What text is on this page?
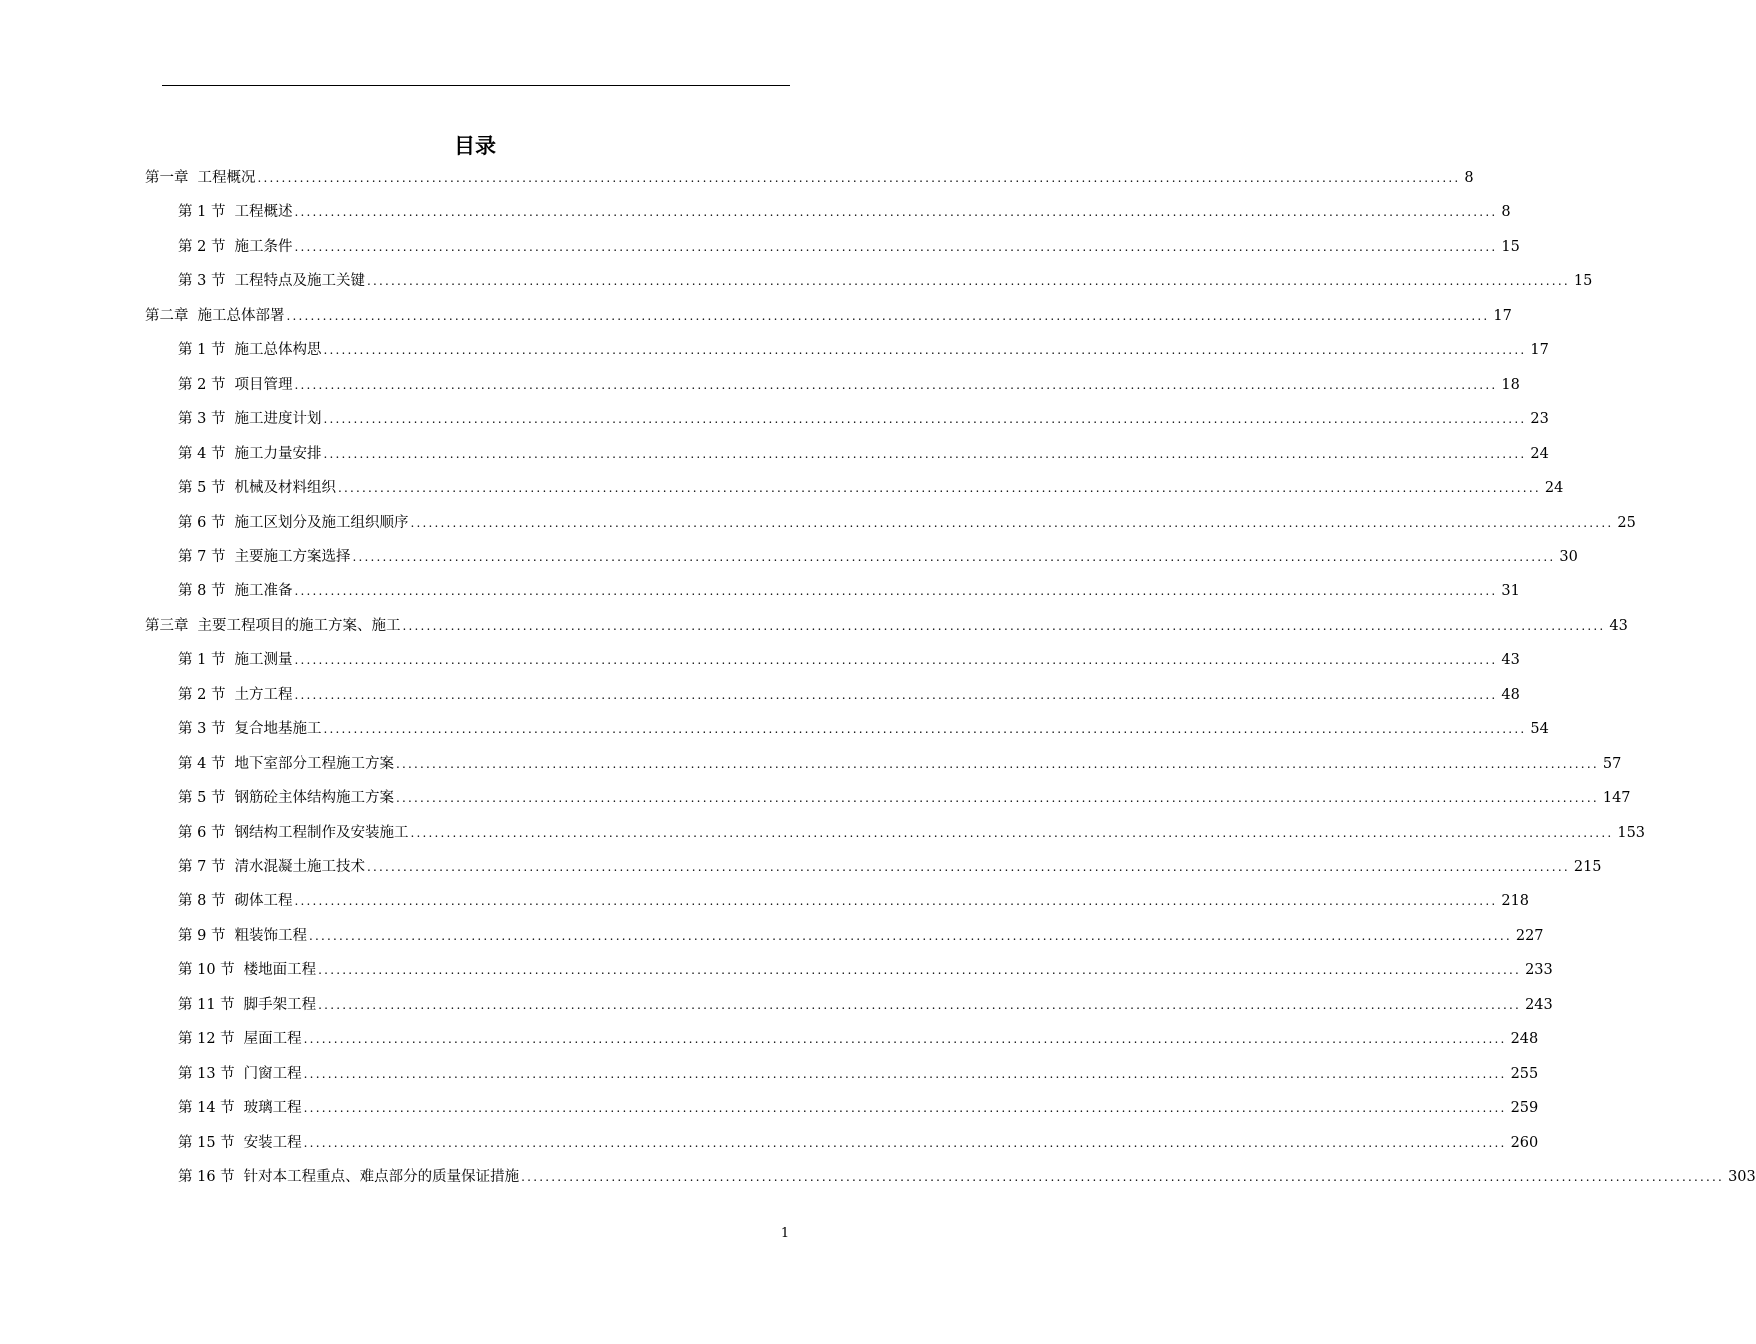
目录
第一章 工程概况 ........................................................................................................................................................................................................ 8
第 1 节 工程概述 ........................................................................................................................................................................................................ 8
第 2 节 施工条件 ........................................................................................................................................................................................................ 15
第 3 节 工程特点及施工关键 ........................................................................................................................................................................................................ 15
第二章 施工总体部署 ........................................................................................................................................................................................................ 17
第 1 节 施工总体构思 ........................................................................................................................................................................................................ 17
第 2 节 项目管理 ........................................................................................................................................................................................................ 18
第 3 节 施工进度计划 ........................................................................................................................................................................................................ 23
第 4 节 施工力量安排 ........................................................................................................................................................................................................ 24
第 5 节 机械及材料组织 ........................................................................................................................................................................................................ 24
第 6 节 施工区划分及施工组织顺序 ........................................................................................................................................................................................................ 25
第 7 节 主要施工方案选择 ........................................................................................................................................................................................................ 30
第 8 节 施工准备 ........................................................................................................................................................................................................ 31
第三章 主要工程项目的施工方案、施工 ........................................................................................................................................................................................................ 43
第 1 节 施工测量 ........................................................................................................................................................................................................ 43
第 2 节 土方工程 ........................................................................................................................................................................................................ 48
第 3 节 复合地基施工 ........................................................................................................................................................................................................ 54
第 4 节 地下室部分工程施工方案 ........................................................................................................................................................................................................ 57
第 5 节 钢筋砼主体结构施工方案 ........................................................................................................................................................................................................ 147
第 6 节 钢结构工程制作及安装施工 ........................................................................................................................................................................................................ 153
第 7 节 清水混凝土施工技术 ........................................................................................................................................................................................................ 215
第 8 节 砌体工程 ........................................................................................................................................................................................................ 218
第 9 节 粗装饰工程 ........................................................................................................................................................................................................ 227
第 10 节 楼地面工程 ........................................................................................................................................................................................................ 233
第 11 节 脚手架工程 ........................................................................................................................................................................................................ 243
第 12 节 屋面工程 ........................................................................................................................................................................................................ 248
第 13 节 门窗工程 ........................................................................................................................................................................................................ 255
第 14 节 玻璃工程 ........................................................................................................................................................................................................ 259
第 15 节 安装工程 ........................................................................................................................................................................................................ 260
第 16 节 针对本工程重点、难点部分的质量保证措施 ........................................................................................................................................................................................................ 303
1
